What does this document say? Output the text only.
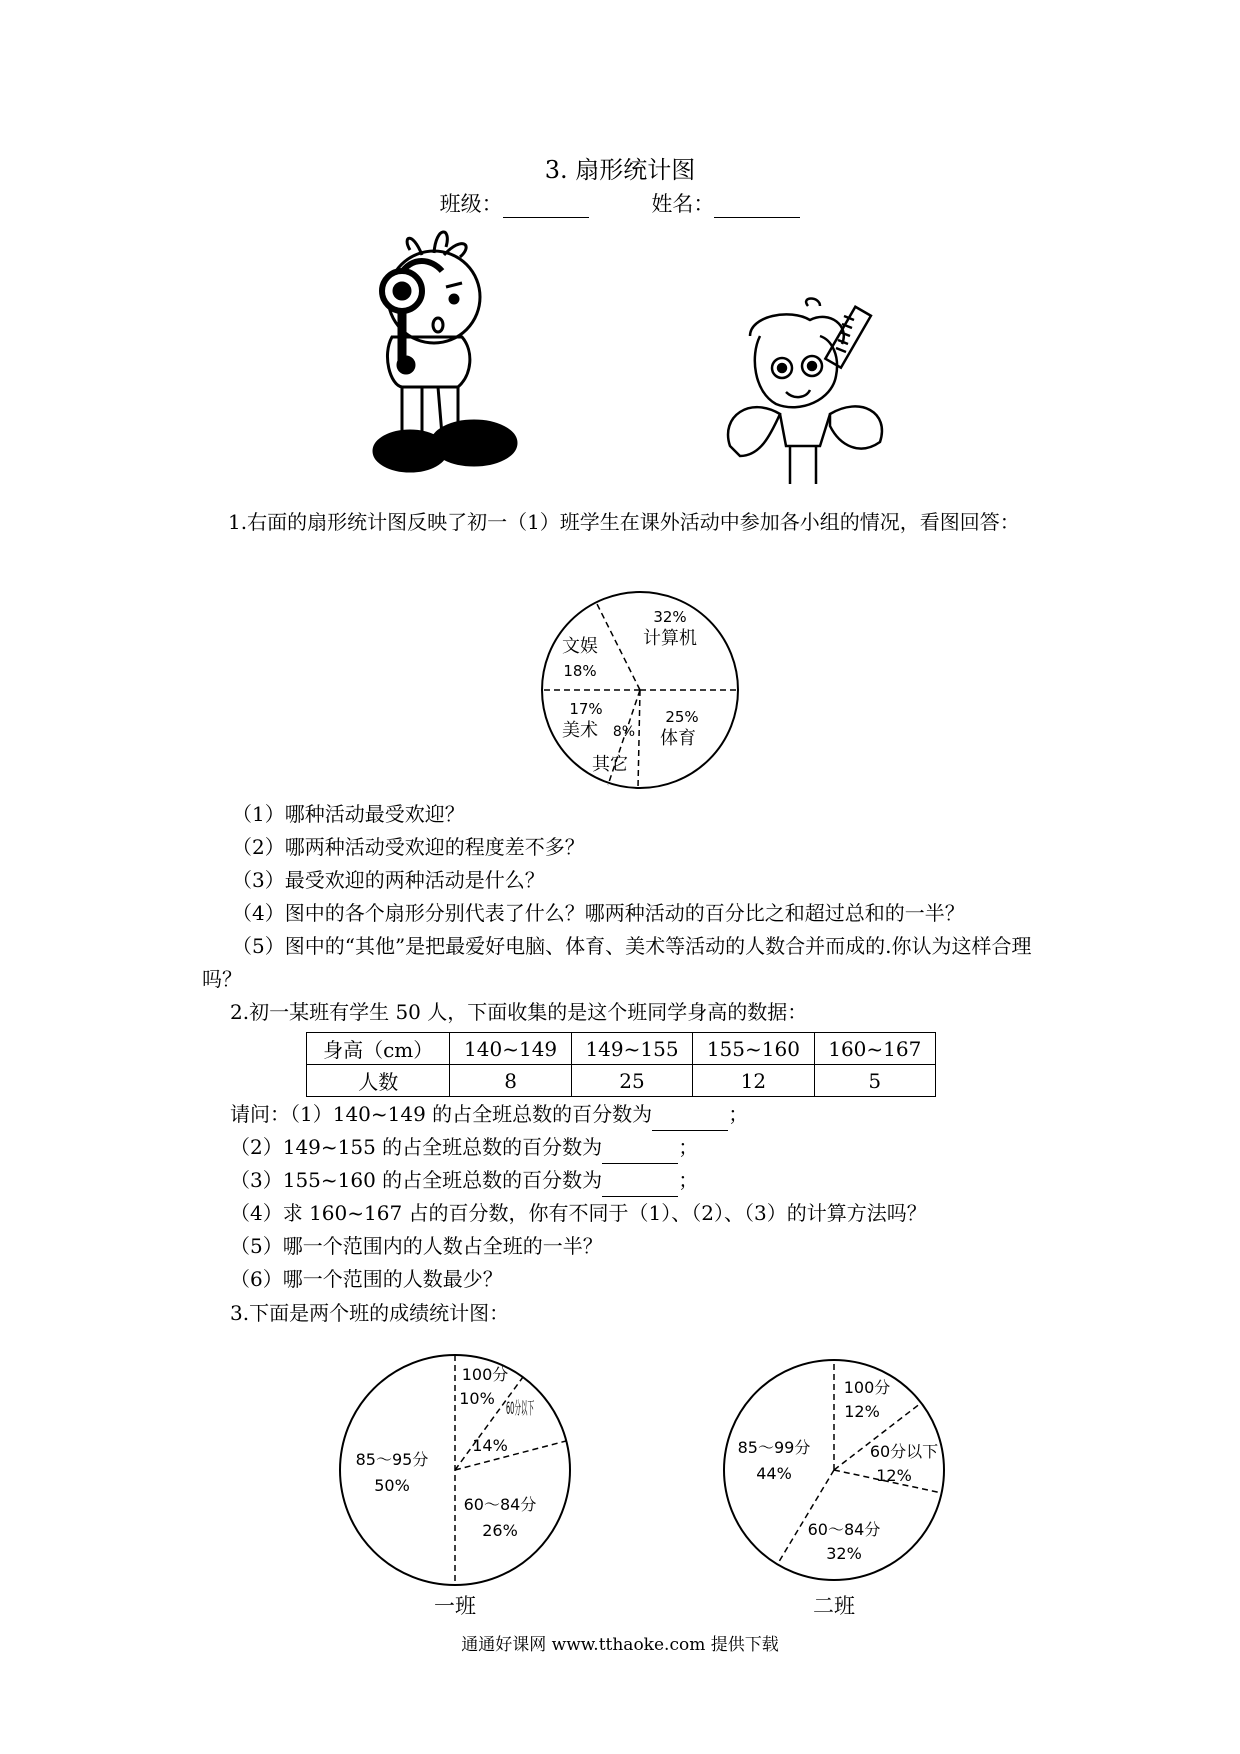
3. 扇形统计图
班级：	姓名：
1.右面的扇形统计图反映了初一（1）班学生在课外活动中参加各小组的情况，看图回答：
32%
计算机
文娱
18%
17%
美术 8%
其它
25%
体育
（1）哪种活动最受欢迎？
（2）哪两种活动受欢迎的程度差不多？
（3）最受欢迎的两种活动是什么？
（4）图中的各个扇形分别代表了什么？哪两种活动的百分比之和超过总和的一半？
（5）图中的“其他”是把最爱好电脑、体育、美术等活动的人数合并而成的.你认为这样合理吗？
2.初一某班有学生 50 人，下面收集的是这个班同学身高的数据：
身高（cm）	140~149	149~155	155~160	160~167
人数	8	25	12	5
请问：（1）140~149 的占全班总数的百分数为	；
（2）149~155 的占全班总数的百分数为	；
（3）155~160 的占全班总数的百分数为	；
（4）求 160~167 占的百分数，你有不同于（1）、（2）、（3）的计算方法吗？
（5）哪一个范围内的人数占全班的一半？
（6）哪一个范围的人数最少？
3.下面是两个班的成绩统计图：
100分
10%
60分以下
14%
85～95分
50%
60～84分
26%
一班
100分
12%
60分以下
12%
85～99分
44%
60～84分
32%
二班
通通好课网 www.tthaoke.com 提供下载
